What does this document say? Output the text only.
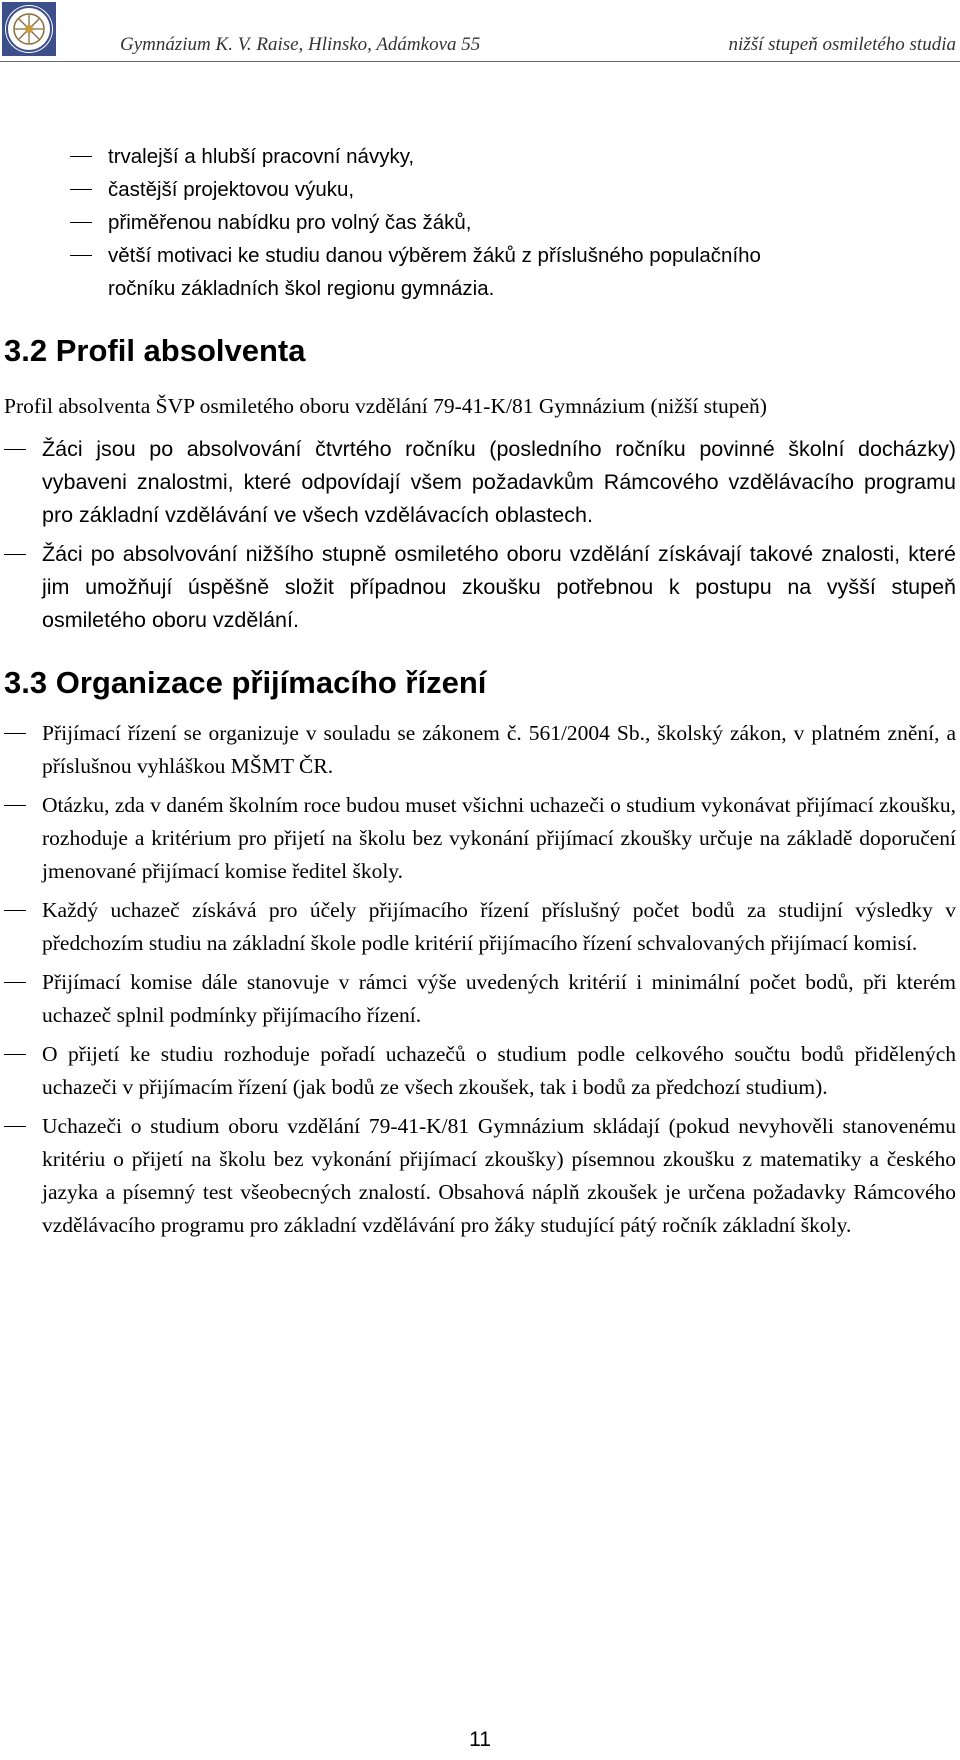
Gymnázium K. V. Raise, Hlinsko, Adámkova 55	nižší stupeň osmiletého studia
trvalejší a hlubší pracovní návyky,
častější projektovou výuku,
přiměřenou nabídku pro volný čas žáků,
větší motivaci ke studiu danou výběrem žáků z příslušného populačního
ročníku základních škol regionu gymnázia.
3.2 Profil absolventa

Profil absolventa ŠVP osmiletého oboru vzdělání 79-41-K/81 Gymnázium (nižší stupeň)

Žáci jsou po absolvování čtvrtého ročníku (posledního ročníku povinné školní docházky) vybaveni znalostmi, které odpovídají všem požadavkům Rámcového vzdělávacího programu pro základní vzdělávání ve všech vzdělávacích oblastech.
Žáci po absolvování nižšího stupně osmiletého oboru vzdělání získávají takové znalosti, které jim umožňují úspěšně složit případnou zkoušku potřebnou k postupu na vyšší stupeň osmiletého oboru vzdělání.
3.3 Organizace přijímacího řízení
Přijímací řízení se organizuje v souladu se zákonem č. 561/2004 Sb., školský zákon, v platném znění, a příslušnou vyhláškou MŠMT ČR.
Otázku, zda v daném školním roce budou muset všichni uchazeči o studium vykonávat přijímací zkoušku, rozhoduje a kritérium pro přijetí na školu bez vykonání přijímací zkoušky určuje na základě doporučení jmenované přijímací komise ředitel školy.
Každý uchazeč získává pro účely přijímacího řízení příslušný počet bodů za studijní výsledky v předchozím studiu na základní škole podle kritérií přijímacího řízení schvalovaných přijímací komisí.
Přijímací komise dále stanovuje v rámci výše uvedených kritérií i minimální počet bodů, při kterém uchazeč splnil podmínky přijímacího řízení.
O přijetí ke studiu rozhoduje pořadí uchazečů o studium podle celkového součtu bodů přidělených uchazeči v přijímacím řízení (jak bodů ze všech zkoušek, tak i bodů za předchozí studium).
Uchazeči o studium oboru vzdělání 79-41-K/81 Gymnázium skládají (pokud nevyhověli stanovenému kritériu o přijetí na školu bez vykonání přijímací zkoušky) písemnou zkoušku z matematiky a českého jazyka a písemný test všeobecných znalostí. Obsahová náplň zkoušek je určena požadavky Rámcového vzdělávacího programu pro základní vzdělávání pro žáky studující pátý ročník základní školy.
11
